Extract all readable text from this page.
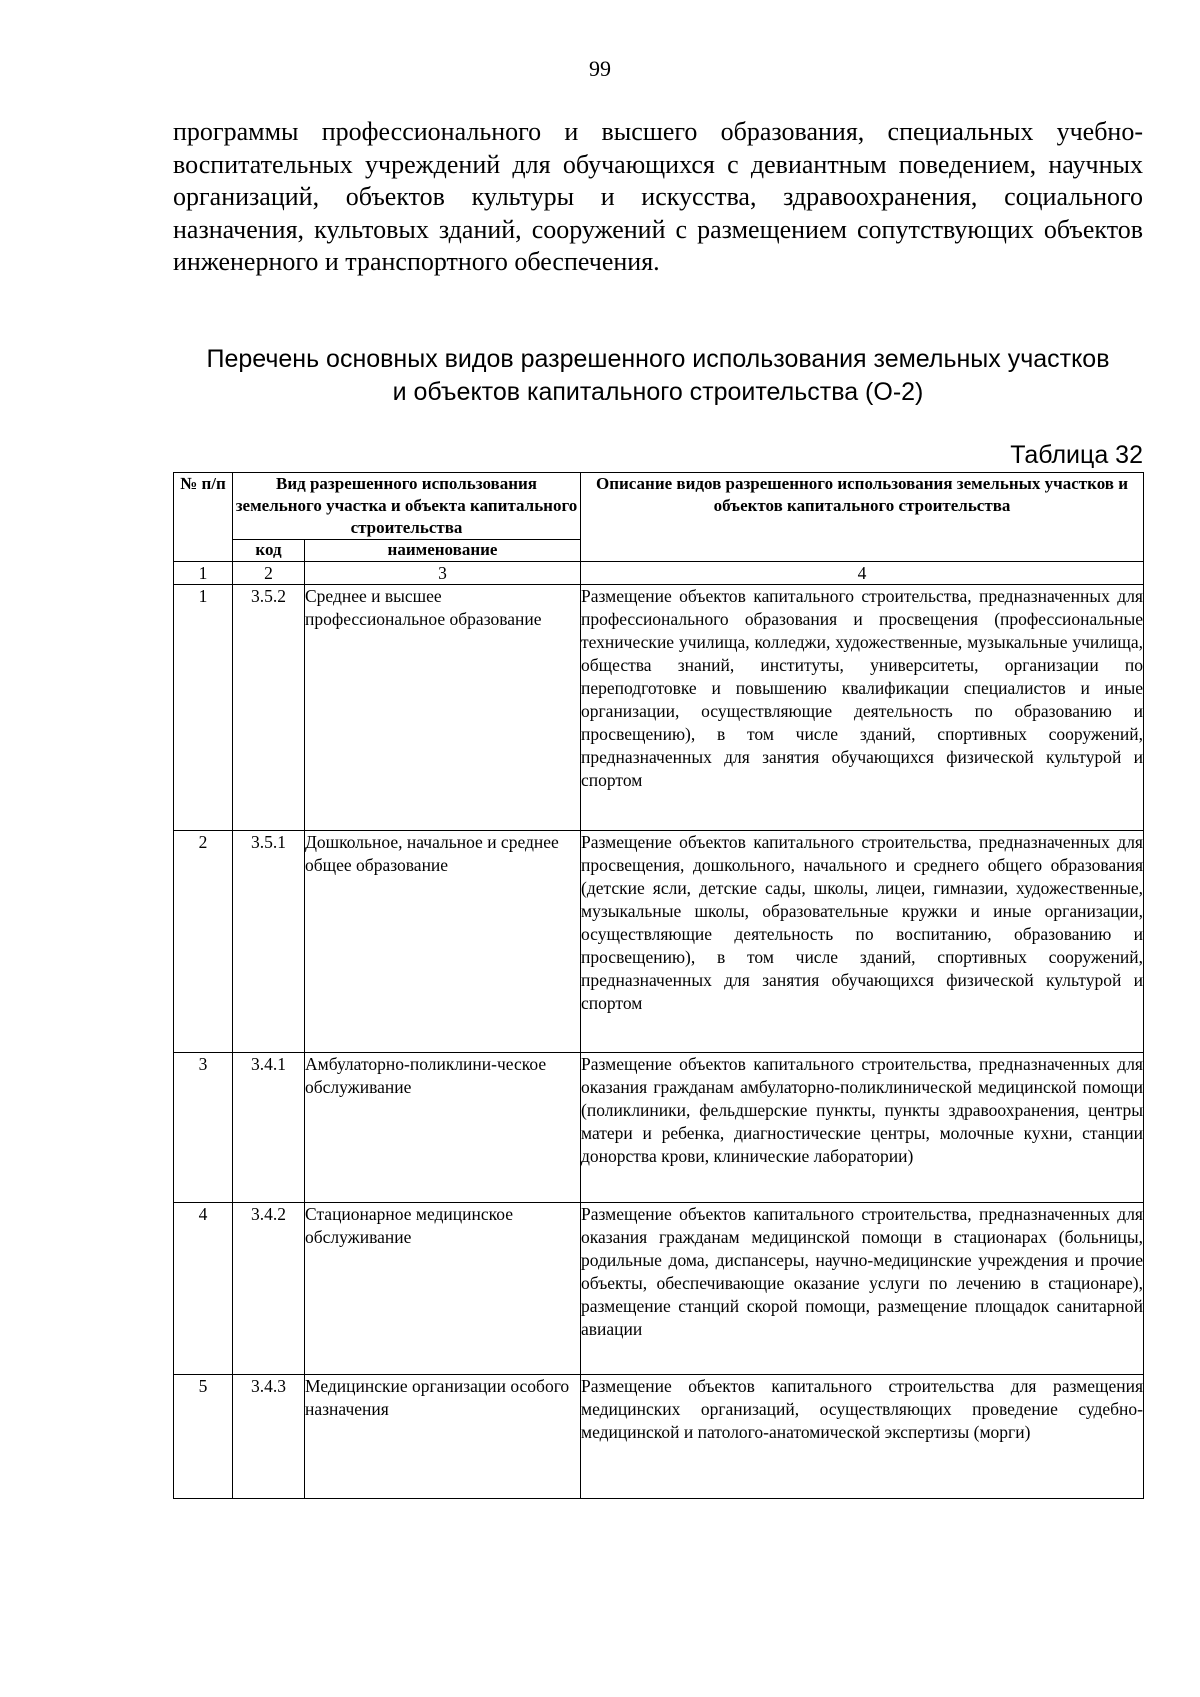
99

программы профессионального и высшего образования, специальных учебно-воспитательных учреждений для обучающихся с девиантным поведением, научных организаций, объектов культуры и искусства, здравоохранения, социального назначения, культовых зданий, сооружений с размещением сопутствующих объектов инженерного и транспортного обеспечения.

Перечень основных видов разрешенного использования земельных участков
и объектов капитального строительства (О-2)
Таблица 32
№ п/п	Вид разрешенного использования земельного участка и объекта капитального строительства		Описание видов разрешенного использования земельных участков и объектов капитального строительства
	код	наименование	
1	2	3	4
1	3.5.2	Среднее и высшее профессиональное образование	Размещение объектов капитального строительства, предназначенных для профессионального образования и просвещения (профессиональные технические училища, колледжи, художественные, музыкальные училища, общества знаний, институты, университеты, организации по переподготовке и повышению квалификации специалистов и иные организации, осуществляющие деятельность по образованию и просвещению), в том числе зданий, спортивных сооружений, предназначенных для занятия обучающихся физической культурой и спортом
2	3.5.1	Дошкольное, начальное и среднее общее образование	Размещение объектов капитального строительства, предназначенных для просвещения, дошкольного, начального и среднего общего образования (детские ясли, детские сады, школы, лицеи, гимназии, художественные, музыкальные школы, образовательные кружки и иные организации, осуществляющие деятельность по воспитанию, образованию и просвещению), в том числе зданий, спортивных сооружений, предназначенных для занятия обучающихся физической культурой и спортом
3	3.4.1	Амбулаторно-поликлини-ческое обслуживание	Размещение объектов капитального строительства, предназначенных для оказания гражданам амбулаторно-поликлинической медицинской помощи (поликлиники, фельдшерские пункты, пункты здравоохранения, центры матери и ребенка, диагностические центры, молочные кухни, станции донорства крови, клинические лаборатории)
4	3.4.2	Стационарное медицинское обслуживание	Размещение объектов капитального строительства, предназначенных для оказания гражданам медицинской помощи в стационарах (больницы, родильные дома, диспансеры, научно-медицинские учреждения и прочие объекты, обеспечивающие оказание услуги по лечению в стационаре), размещение станций скорой помощи, размещение площадок санитарной авиации
5	3.4.3	Медицинские организации особого назначения	Размещение объектов капитального строительства для размещения медицинских организаций, осуществляющих проведение судебно-медицинской и патолого-анатомической экспертизы (морги)
